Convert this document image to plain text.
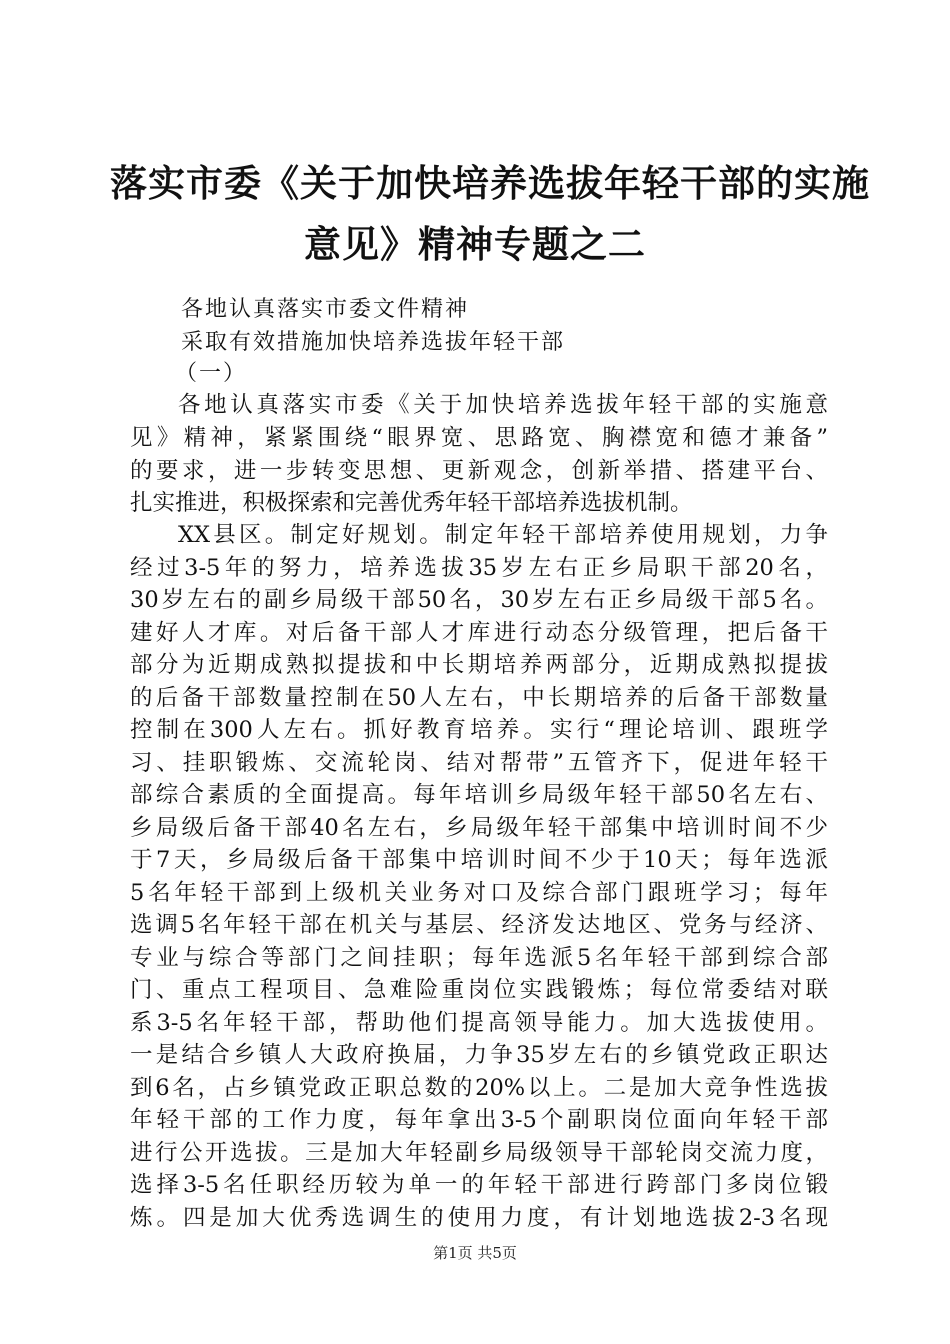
落实市委《关于加快培养选拔年轻干部的实施
意见》精神专题之二

各地认真落实市委文件精神

采取有效措施加快培养选拔年轻干部

（一）

各地认真落实市委《关于加快培养选拔年轻干部的实施意

见》精神，紧紧围绕“眼界宽、思路宽、胸襟宽和德才兼备”

的要求，进一步转变思想、更新观念，创新举措、搭建平台、

扎实推进，积极探索和完善优秀年轻干部培养选拔机制。

XX县区。制定好规划。制定年轻干部培养使用规划，力争

经过3-5年的努力，培养选拔35岁左右正乡局职干部20名，

30岁左右的副乡局级干部50名，30岁左右正乡局级干部5名。

建好人才库。对后备干部人才库进行动态分级管理，把后备干

部分为近期成熟拟提拔和中长期培养两部分，近期成熟拟提拔

的后备干部数量控制在50人左右，中长期培养的后备干部数量

控制在300人左右。抓好教育培养。实行“理论培训、跟班学

习、挂职锻炼、交流轮岗、结对帮带”五管齐下，促进年轻干

部综合素质的全面提高。每年培训乡局级年轻干部50名左右、

乡局级后备干部40名左右，乡局级年轻干部集中培训时间不少

于7天，乡局级后备干部集中培训时间不少于10天；每年选派

5名年轻干部到上级机关业务对口及综合部门跟班学习；每年

选调5名年轻干部在机关与基层、经济发达地区、党务与经济、

专业与综合等部门之间挂职；每年选派5名年轻干部到综合部

门、重点工程项目、急难险重岗位实践锻炼；每位常委结对联

系3-5名年轻干部，帮助他们提高领导能力。加大选拔使用。

一是结合乡镇人大政府换届，力争35岁左右的乡镇党政正职达

到6名，占乡镇党政正职总数的20%以上。二是加大竞争性选拔

年轻干部的工作力度，每年拿出3-5个副职岗位面向年轻干部

进行公开选拔。三是加大年轻副乡局级领导干部轮岗交流力度，

选择3-5名任职经历较为单一的年轻干部进行跨部门多岗位锻

炼。四是加大优秀选调生的使用力度，有计划地选拔2-3名现

第1页 共5页
